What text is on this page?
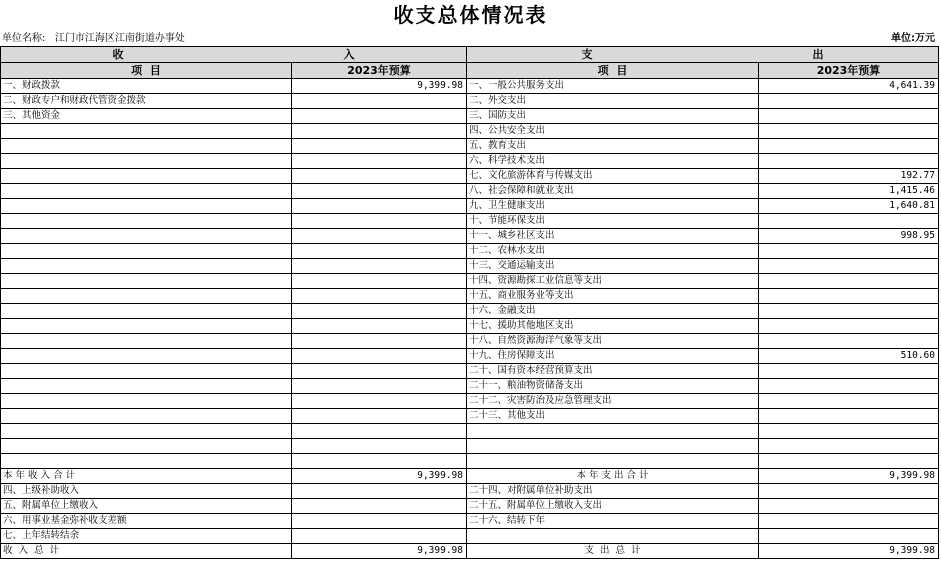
收支总体情况表
单位名称: 江门市江海区江南街道办事处	单位:万元
收 入		支 出	
项  目	2023年预算	项  目	2023年预算
一、财政拨款	9,399.98	一、一般公共服务支出	4,641.39
二、财政专户和财政代管资金拨款		二、外交支出	
三、其他资金		三、国防支出	
		四、公共安全支出	
		五、教育支出	
		六、科学技术支出	
		七、文化旅游体育与传媒支出	192.77
		八、社会保障和就业支出	1,415.46
		九、卫生健康支出	1,640.81
		十、节能环保支出	
		十一、城乡社区支出	998.95
		十二、农林水支出	
		十三、交通运输支出	
		十四、资源勘探工业信息等支出	
		十五、商业服务业等支出	
		十六、金融支出	
		十七、援助其他地区支出	
		十八、自然资源海洋气象等支出	
		十九、住房保障支出	510.60
		二十、国有资本经营预算支出	
		二十一、粮油物资储备支出	
		二十二、灾害防治及应急管理支出	
		二十三、其他支出	

本 年 收 入 合 计	9,399.98	本 年 支 出 合 计	9,399.98
四、上级补助收入		二十四、对附属单位补助支出	
五、附属单位上缴收入		二十五、附属单位上缴收入支出	
六、用事业基金弥补收支差额		二十六、结转下年	
七、上年结转结余			
收  入  总  计	9,399.98	支  出  总  计	9,399.98
